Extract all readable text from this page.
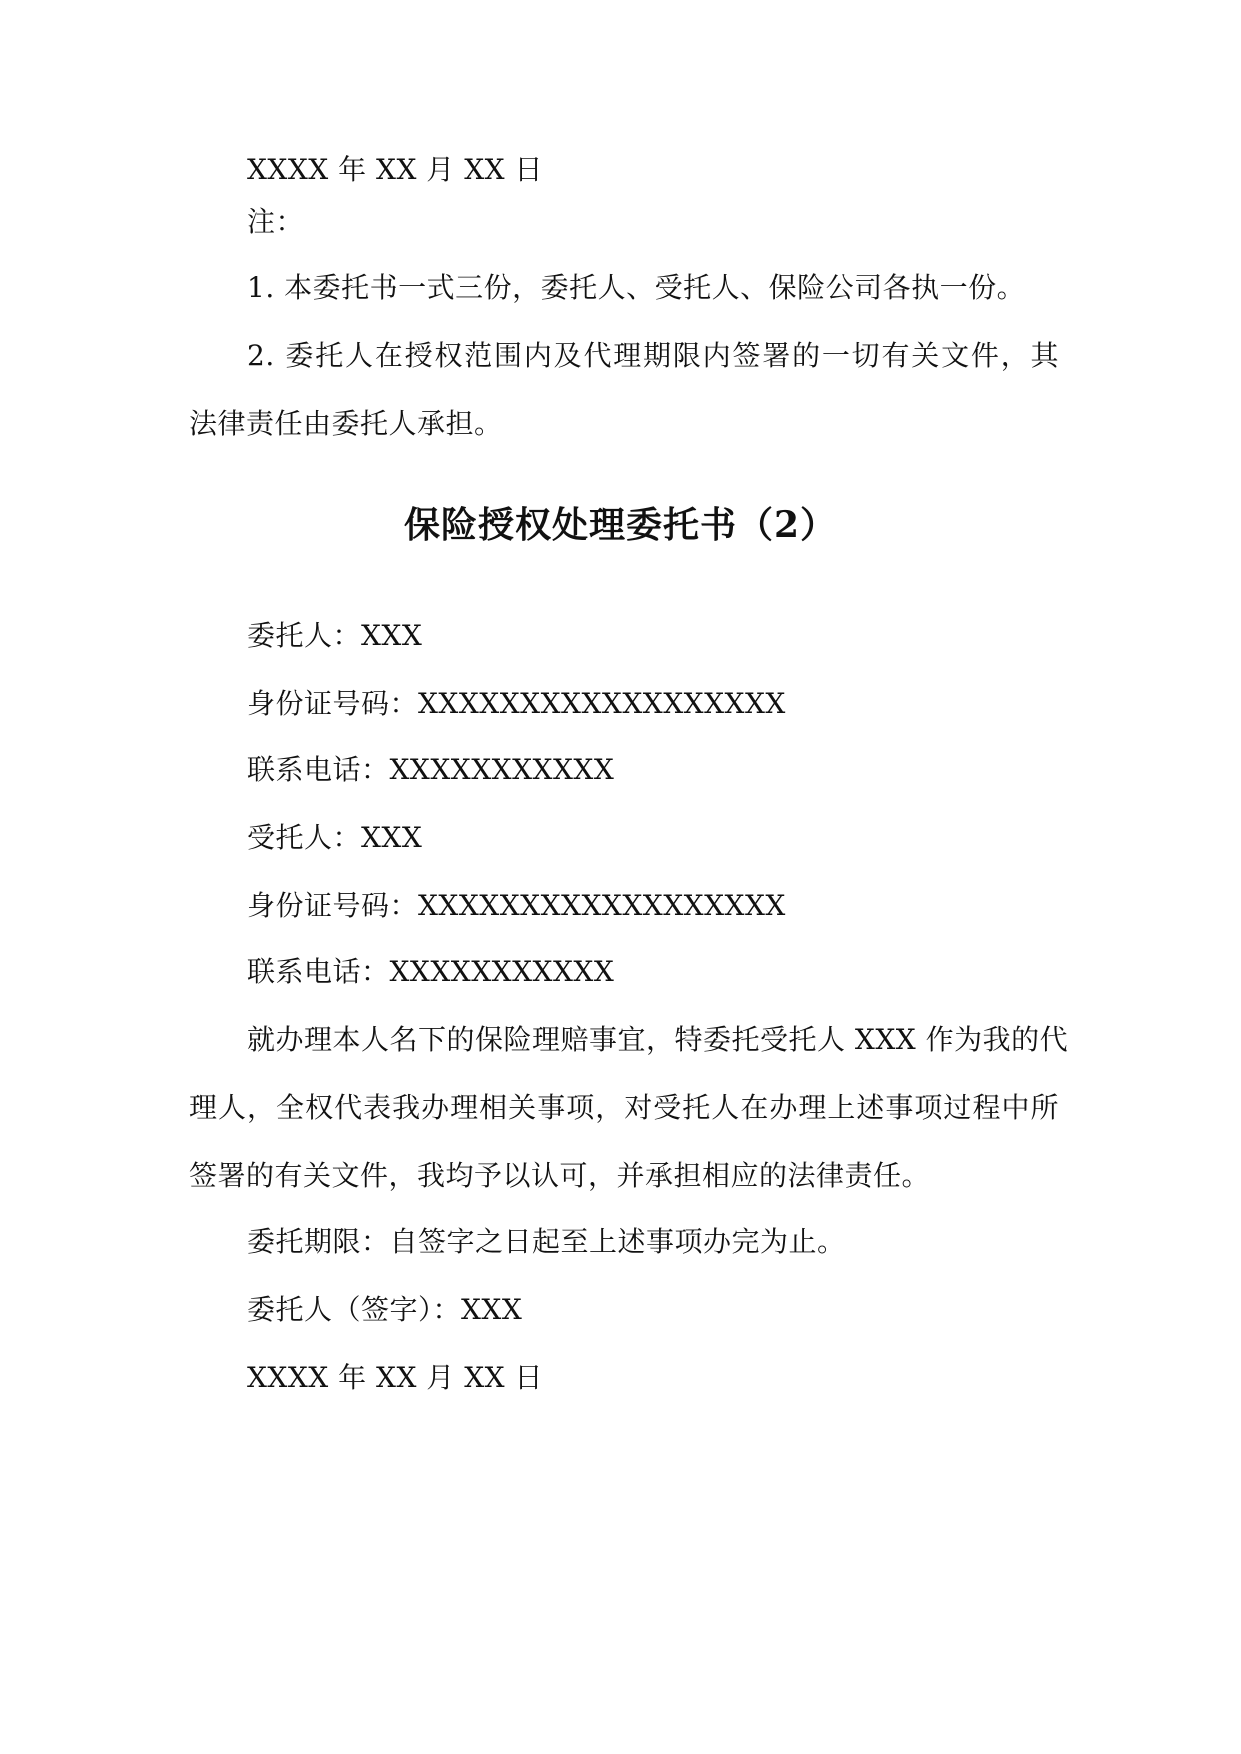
XXXX 年 XX 月 XX 日
注：
1. 本委托书一式三份，委托人、受托人、保险公司各执一份。
2. 委托人在授权范围内及代理期限内签署的一切有关文件，其
法律责任由委托人承担。
保险授权处理委托书（2）
委托人：XXX
身份证号码：XXXXXXXXXXXXXXXXXX
联系电话：XXXXXXXXXXX
受托人：XXX
身份证号码：XXXXXXXXXXXXXXXXXX
联系电话：XXXXXXXXXXX
就办理本人名下的保险理赔事宜，特委托受托人 XXX 作为我的代
理人，全权代表我办理相关事项，对受托人在办理上述事项过程中所
签署的有关文件，我均予以认可，并承担相应的法律责任。
委托期限：自签字之日起至上述事项办完为止。
委托人（签字）：XXX
XXXX 年 XX 月 XX 日
